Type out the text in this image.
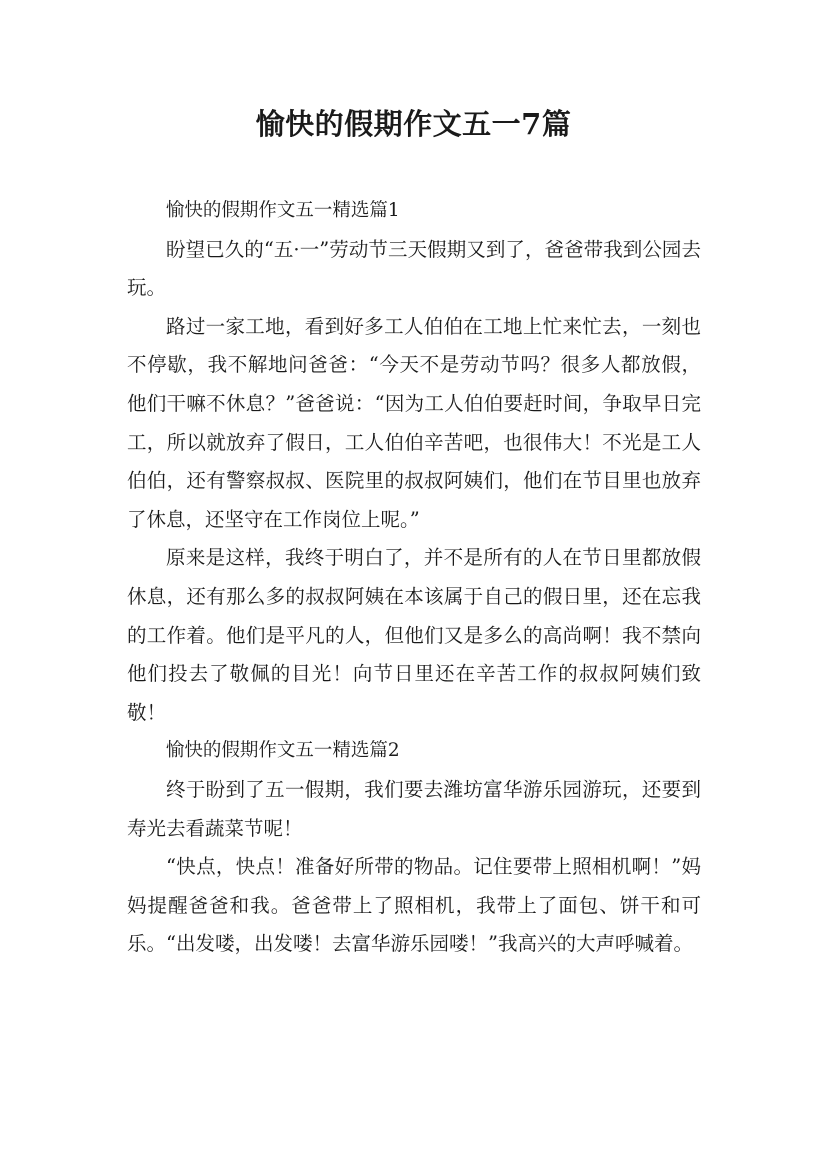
愉快的假期作文五一7篇

愉快的假期作文五一精选篇1

盼望已久的“五·一”劳动节三天假期又到了，爸爸带我到公园去玩。

路过一家工地，看到好多工人伯伯在工地上忙来忙去，一刻也不停歇，我不解地问爸爸：“今天不是劳动节吗？很多人都放假，他们干嘛不休息？”爸爸说：“因为工人伯伯要赶时间，争取早日完工，所以就放弃了假日，工人伯伯辛苦吧，也很伟大！不光是工人伯伯，还有警察叔叔、医院里的叔叔阿姨们，他们在节目里也放弃了休息，还坚守在工作岗位上呢。”

原来是这样，我终于明白了，并不是所有的人在节日里都放假休息，还有那么多的叔叔阿姨在本该属于自己的假日里，还在忘我的工作着。他们是平凡的人，但他们又是多么的高尚啊！我不禁向他们投去了敬佩的目光！向节日里还在辛苦工作的叔叔阿姨们致敬！

愉快的假期作文五一精选篇2

终于盼到了五一假期，我们要去潍坊富华游乐园游玩，还要到寿光去看蔬菜节呢！

“快点，快点！准备好所带的物品。记住要带上照相机啊！”妈妈提醒爸爸和我。爸爸带上了照相机，我带上了面包、饼干和可乐。“出发喽，出发喽！去富华游乐园喽！”我高兴的大声呼喊着。
